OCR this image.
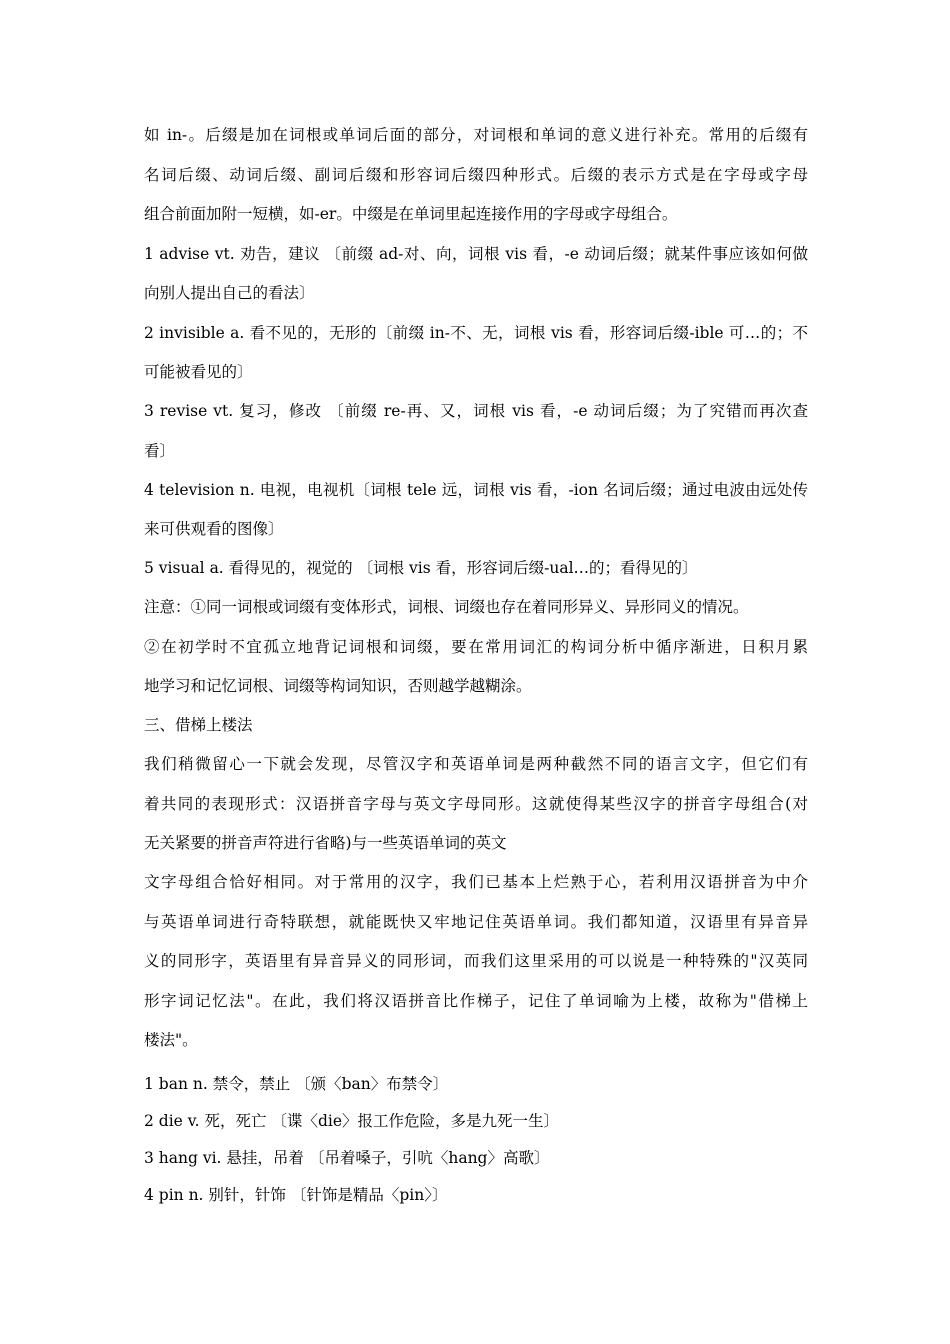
如 in-。后缀是加在词根或单词后面的部分，对词根和单词的意义进行补充。常用的后缀有
名词后缀、动词后缀、副词后缀和形容词后缀四种形式。后缀的表示方式是在字母或字母
组合前面加附一短横，如-er。中缀是在单词里起连接作用的字母或字母组合。
1 advise vt. 劝告，建议 〔前缀 ad-对、向，词根 vis 看，-e 动词后缀；就某件事应该如何做
向别人提出自己的看法〕
2 invisible a. 看不见的，无形的〔前缀 in-不、无，词根 vis 看，形容词后缀-ible 可…的；不
可能被看见的〕
3 revise vt. 复习，修改 〔前缀 re-再、又，词根 vis 看，-e 动词后缀；为了究错而再次查
看〕
4 television n. 电视，电视机〔词根 tele 远，词根 vis 看，-ion 名词后缀；通过电波由远处传
来可供观看的图像〕
5 visual a. 看得见的，视觉的 〔词根 vis 看，形容词后缀-ual…的；看得见的〕
注意：①同一词根或词缀有变体形式，词根、词缀也存在着同形异义、异形同义的情况。
②在初学时不宜孤立地背记词根和词缀，要在常用词汇的构词分析中循序渐进，日积月累
地学习和记忆词根、词缀等构词知识，否则越学越糊涂。
三、借梯上楼法
我们稍微留心一下就会发现，尽管汉字和英语单词是两种截然不同的语言文字，但它们有
着共同的表现形式：汉语拼音字母与英文字母同形。这就使得某些汉字的拼音字母组合(对
无关紧要的拼音声符进行省略)与一些英语单词的英文
文字母组合恰好相同。对于常用的汉字，我们已基本上烂熟于心，若利用汉语拼音为中介
与英语单词进行奇特联想，就能既快又牢地记住英语单词。我们都知道，汉语里有异音异
义的同形字，英语里有异音异义的同形词，而我们这里采用的可以说是一种特殊的"汉英同
形字词记忆法"。在此，我们将汉语拼音比作梯子，记住了单词喻为上楼，故称为"借梯上
楼法"。
1 ban n. 禁令，禁止 〔颁〈ban〉布禁令〕
2 die v. 死，死亡 〔谍〈die〉报工作危险，多是九死一生〕
3 hang vi. 悬挂，吊着 〔吊着嗓子，引吭〈hang〉高歌〕
4 pin n. 别针，针饰 〔针饰是精品〈pin〉〕
